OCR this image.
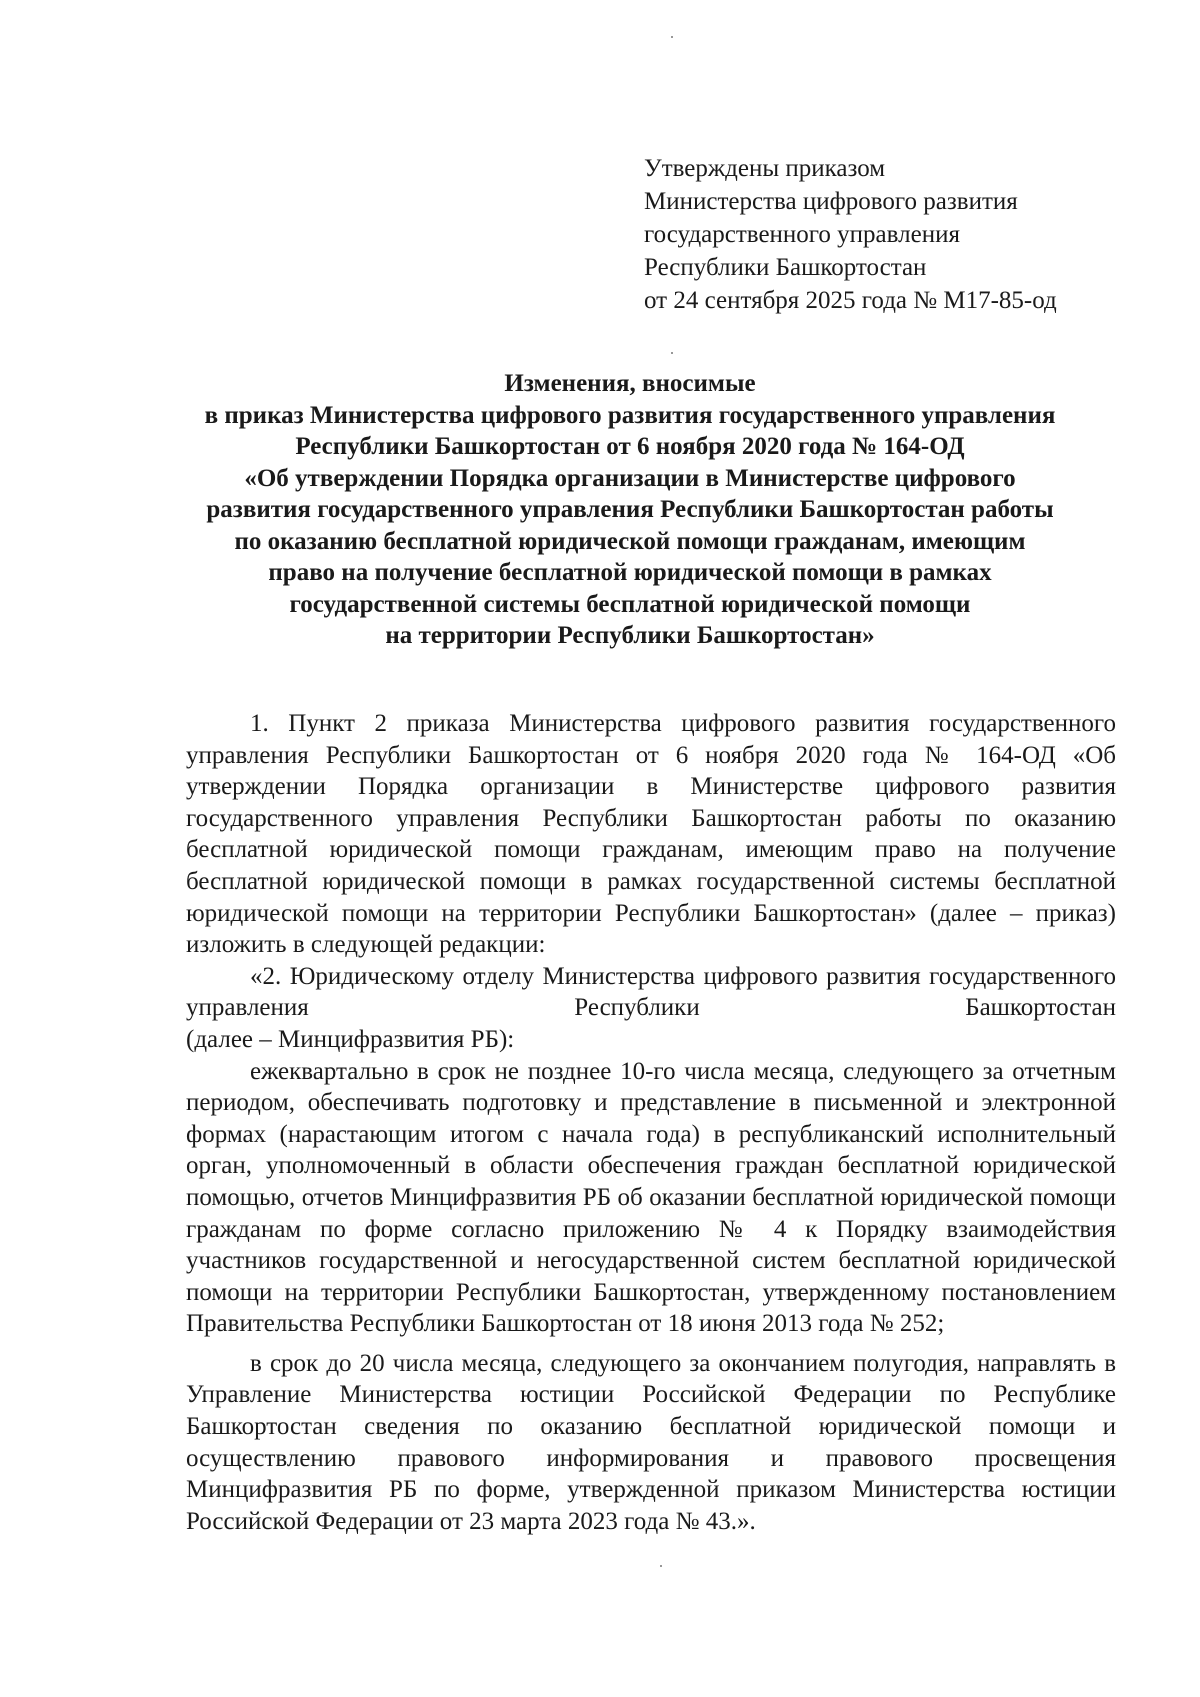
Утверждены приказом
Министерства цифрового развития
государственного управления
Республики Башкортостан
от 24 сентября 2025 года № М17-85-од
Изменения, вносимые
в приказ Министерства цифрового развития государственного управления
Республики Башкортостан от 6 ноября 2020 года № 164-ОД
«Об утверждении Порядка организации в Министерстве цифрового
развития государственного управления Республики Башкортостан работы
по оказанию бесплатной юридической помощи гражданам, имеющим
право на получение бесплатной юридической помощи в рамках
государственной системы бесплатной юридической помощи
на территории Республики Башкортостан»

1. Пункт 2 приказа Министерства цифрового развития государственного управления Республики Башкортостан от 6 ноября 2020 года № 164-ОД «Об утверждении Порядка организации в Министерстве цифрового развития государственного управления Республики Башкортостан работы по оказанию бесплатной юридической помощи гражданам, имеющим право на получение бесплатной юридической помощи в рамках государственной системы бесплатной юридической помощи на территории Республики Башкортостан» (далее – приказ) изложить в следующей редакции:

«2. Юридическому отделу Министерства цифрового развития государственного управления Республики Башкортостан

(далее – Минцифразвития РБ):

ежеквартально в срок не позднее 10-го числа месяца, следующего за отчетным периодом, обеспечивать подготовку и представление в письменной и электронной формах (нарастающим итогом с начала года) в республиканский исполнительный орган, уполномоченный в области обеспечения граждан бесплатной юридической помощью, отчетов Минцифразвития РБ об оказании бесплатной юридической помощи гражданам по форме согласно приложению № 4 к Порядку взаимодействия участников государственной и негосударственной систем бесплатной юридической помощи на территории Республики Башкортостан, утвержденному постановлением Правительства Республики Башкортостан от 18 июня 2013 года № 252;

в срок до 20 числа месяца, следующего за окончанием полугодия, направлять в Управление Министерства юстиции Российской Федерации по Республике Башкортостан сведения по оказанию бесплатной юридической помощи и осуществлению правового информирования и правового просвещения Минцифразвития РБ по форме, утвержденной приказом Министерства юстиции Российской Федерации от 23 марта 2023 года № 43.».
